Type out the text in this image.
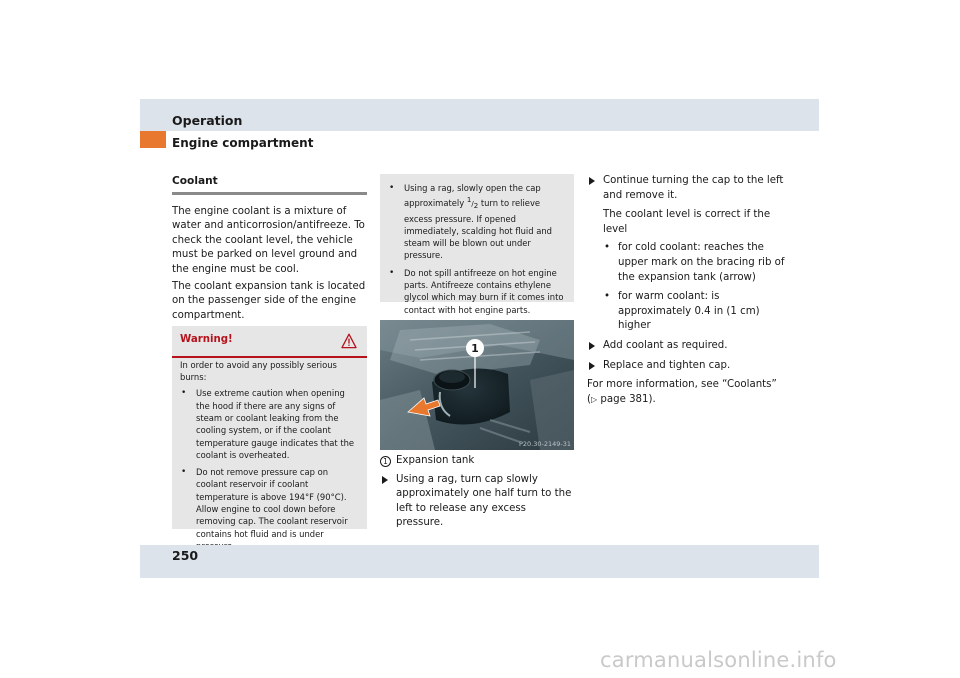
Operation
Engine compartment
Coolant

The engine coolant is a mixture of water and anticorrosion/antifreeze. To check the coolant level, the vehicle must be parked on level ground and the engine must be cool.

The coolant expansion tank is located on the passenger side of the engine compartment.

Warning!
In order to avoid any possibly serious burns:
• Use extreme caution when opening the hood if there are any signs of steam or coolant leaking from the cooling system, or if the coolant temperature gauge indicates that the coolant is overheated.
• Do not remove pressure cap on coolant reservoir if coolant temperature is above 194°F (90°C). Allow engine to cool down before removing cap. The coolant reservoir contains hot fluid and is under
• Using a rag, slowly open the cap approximately $^1/_2$ turn to relieve excess pressure. If opened immediately, scalding hot fluid and steam will be blown out under pressure.
• Do not spill antifreeze on hot engine parts. Antifreeze contains ethylene glycol which may burn if it comes into contact with hot engine parts.
1
P20.30-2149-31
1 Expansion tank
Using a rag, turn cap slowly approximately one half turn to the left to release any excess pressure.
Continue turning the cap to the left and remove it.
The coolant level is correct if the level
• for cold coolant: reaches the upper mark on the bracing rib of the expansion tank (arrow)
• for warm coolant: is approximately 0.4 in (1 cm) higher
Add coolant as required.
Replace and tighten cap.
For more information, see “Coolants”
(▷ page 381).
250
carmanualsonline.info
